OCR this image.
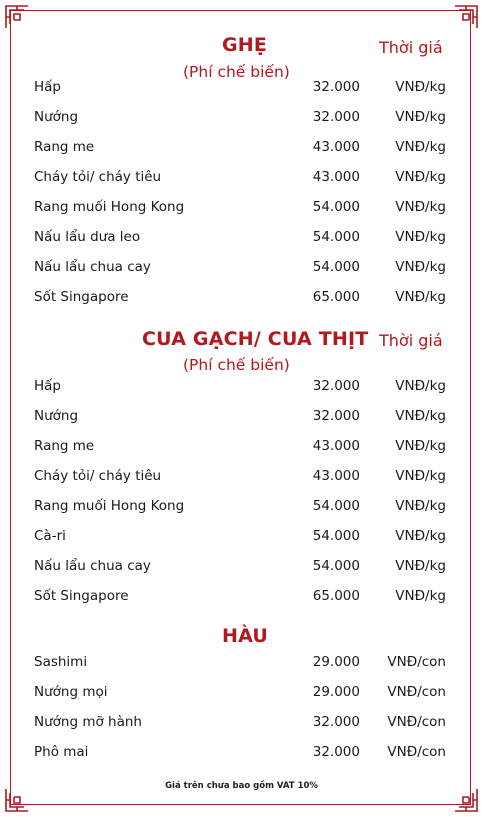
GHẸ	Thời giá
(Phí chế biến)
Hấp	32.000	VNĐ/kg
Nướng	32.000	VNĐ/kg
Rang me	43.000	VNĐ/kg
Cháy tỏi/ cháy tiêu	43.000	VNĐ/kg
Rang muối Hong Kong	54.000	VNĐ/kg
Nấu lẩu dưa leo	54.000	VNĐ/kg
Nấu lẩu chua cay	54.000	VNĐ/kg
Sốt Singapore	65.000	VNĐ/kg
CUA GẠCH/ CUA THỊT Thời giá
(Phí chế biến)
Hấp	32.000	VNĐ/kg
Nướng	32.000	VNĐ/kg
Rang me	43.000	VNĐ/kg
Cháy tỏi/ cháy tiêu	43.000	VNĐ/kg
Rang muối Hong Kong	54.000	VNĐ/kg
Cà-ri	54.000	VNĐ/kg
Nấu lẩu chua cay	54.000	VNĐ/kg
Sốt Singapore	65.000	VNĐ/kg
HÀU
Sashimi	29.000 VNĐ/con
Nướng mọi	29.000 VNĐ/con
Nướng mỡ hành	32.000 VNĐ/con
Phô mai	32.000 VNĐ/con
Giá trên chưa bao gồm VAT 10%
